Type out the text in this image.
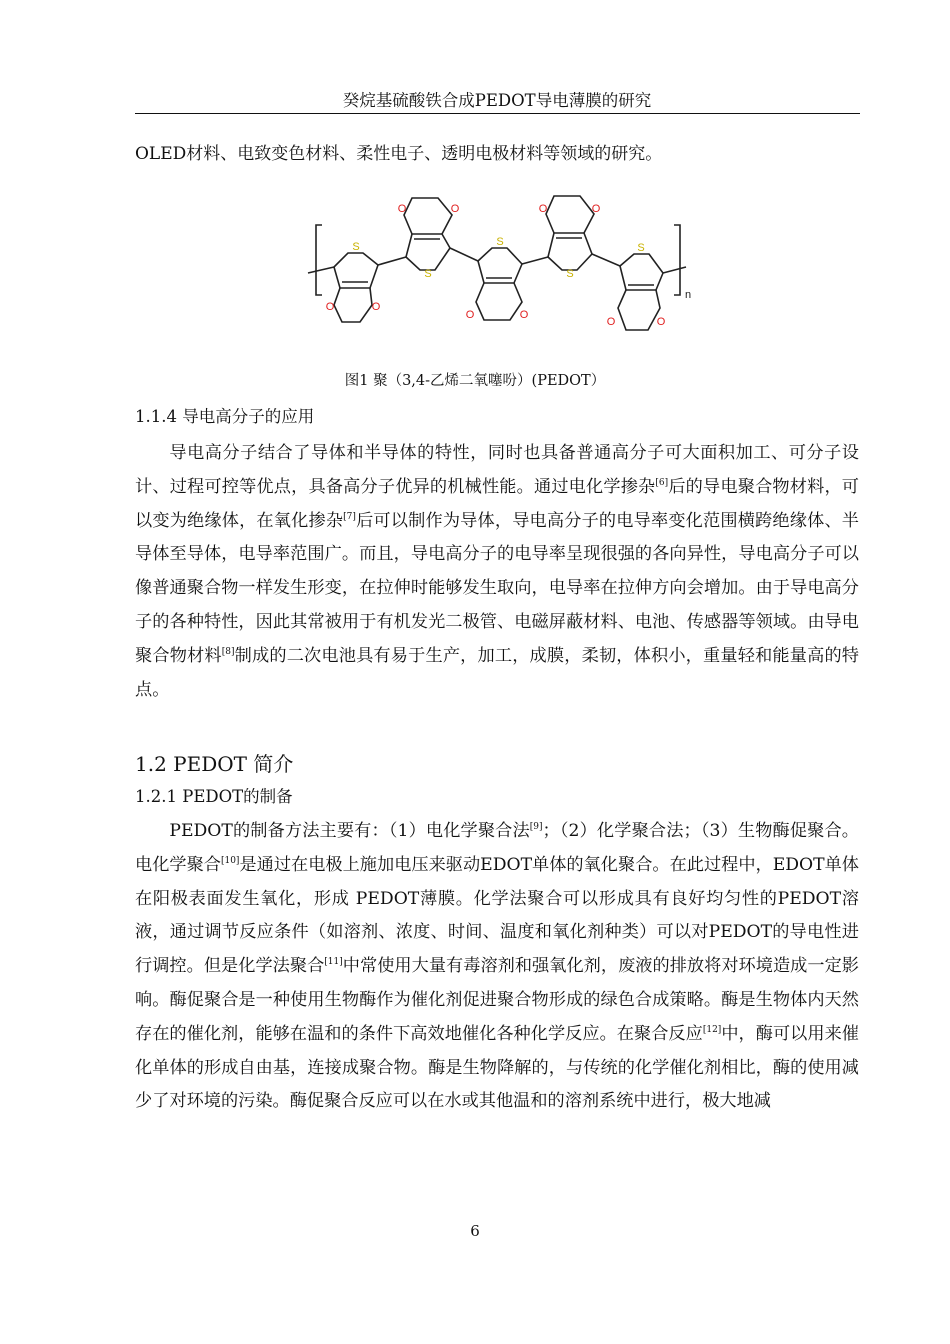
癸烷基硫酸铁合成PEDOT导电薄膜的研究
OLED材料、电致变色材料、柔性电子、透明电极材料等领域的研究。
S
S
S
S
S
O	O
O	O
O	O
O	O
O	O
n
图1 聚（3,4-乙烯二氧噻吩）(PEDOT）
1.1.4 导电高分子的应用

导电高分子结合了导体和半导体的特性，同时也具备普通高分子可大面积加工、可分子设计、过程可控等优点，具备高分子优异的机械性能。通过电化学掺杂[6]后的导电聚合物材料，可以变为绝缘体，在氧化掺杂[7]后可以制作为导体，导电高分子的电导率变化范围横跨绝缘体、半导体至导体，电导率范围广。而且，导电高分子的电导率呈现很强的各向异性，导电高分子可以像普通聚合物一样发生形变，在拉伸时能够发生取向，电导率在拉伸方向会增加。由于导电高分子的各种特性，因此其常被用于有机发光二极管、电磁屏蔽材料、电池、传感器等领域。由导电聚合物材料[8]制成的二次电池具有易于生产，加工，成膜，柔韧，体积小，重量轻和能量高的特点。

1.2 PEDOT 简介
1.2.1 PEDOT的制备

PEDOT的制备方法主要有：（1）电化学聚合法[9]；（2）化学聚合法；（3）生物酶促聚合。电化学聚合[10]是通过在电极上施加电压来驱动EDOT单体的氧化聚合。在此过程中，EDOT单体在阳极表面发生氧化，形成 PEDOT薄膜。化学法聚合可以形成具有良好均匀性的PEDOT溶液，通过调节反应条件（如溶剂、浓度、时间、温度和氧化剂种类）可以对PEDOT的导电性进行调控。但是化学法聚合[11]中常使用大量有毒溶剂和强氧化剂，废液的排放将对环境造成一定影响。酶促聚合是一种使用生物酶作为催化剂促进聚合物形成的绿色合成策略。酶是生物体内天然存在的催化剂，能够在温和的条件下高效地催化各种化学反应。在聚合反应[12]中，酶可以用来催化单体的形成自由基，连接成聚合物。酶是生物降解的，与传统的化学催化剂相比，酶的使用减少了对环境的污染。酶促聚合反应可以在水或其他温和的溶剂系统中进行，极大地减

6
